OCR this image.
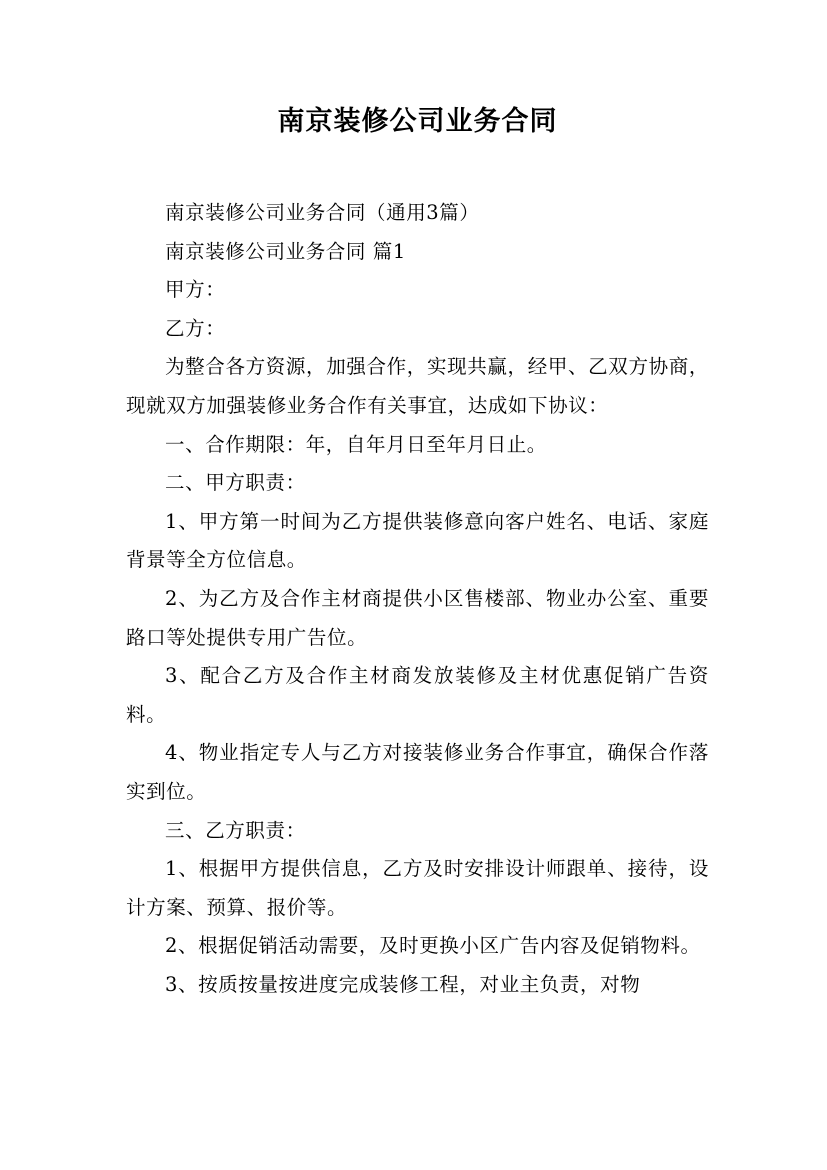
南京装修公司业务合同

南京装修公司业务合同（通用3篇）

南京装修公司业务合同 篇1

甲方：

乙方：

为整合各方资源，加强合作，实现共赢，经甲、乙双方协商，现就双方加强装修业务合作有关事宜，达成如下协议：

一、合作期限：年，自年月日至年月日止。

二、甲方职责：

1、甲方第一时间为乙方提供装修意向客户姓名、电话、家庭背景等全方位信息。

2、为乙方及合作主材商提供小区售楼部、物业办公室、重要路口等处提供专用广告位。

3、配合乙方及合作主材商发放装修及主材优惠促销广告资料。

4、物业指定专人与乙方对接装修业务合作事宜，确保合作落实到位。

三、乙方职责：

1、根据甲方提供信息，乙方及时安排设计师跟单、接待，设计方案、预算、报价等。

2、根据促销活动需要，及时更换小区广告内容及促销物料。

3、按质按量按进度完成装修工程，对业主负责，对物
